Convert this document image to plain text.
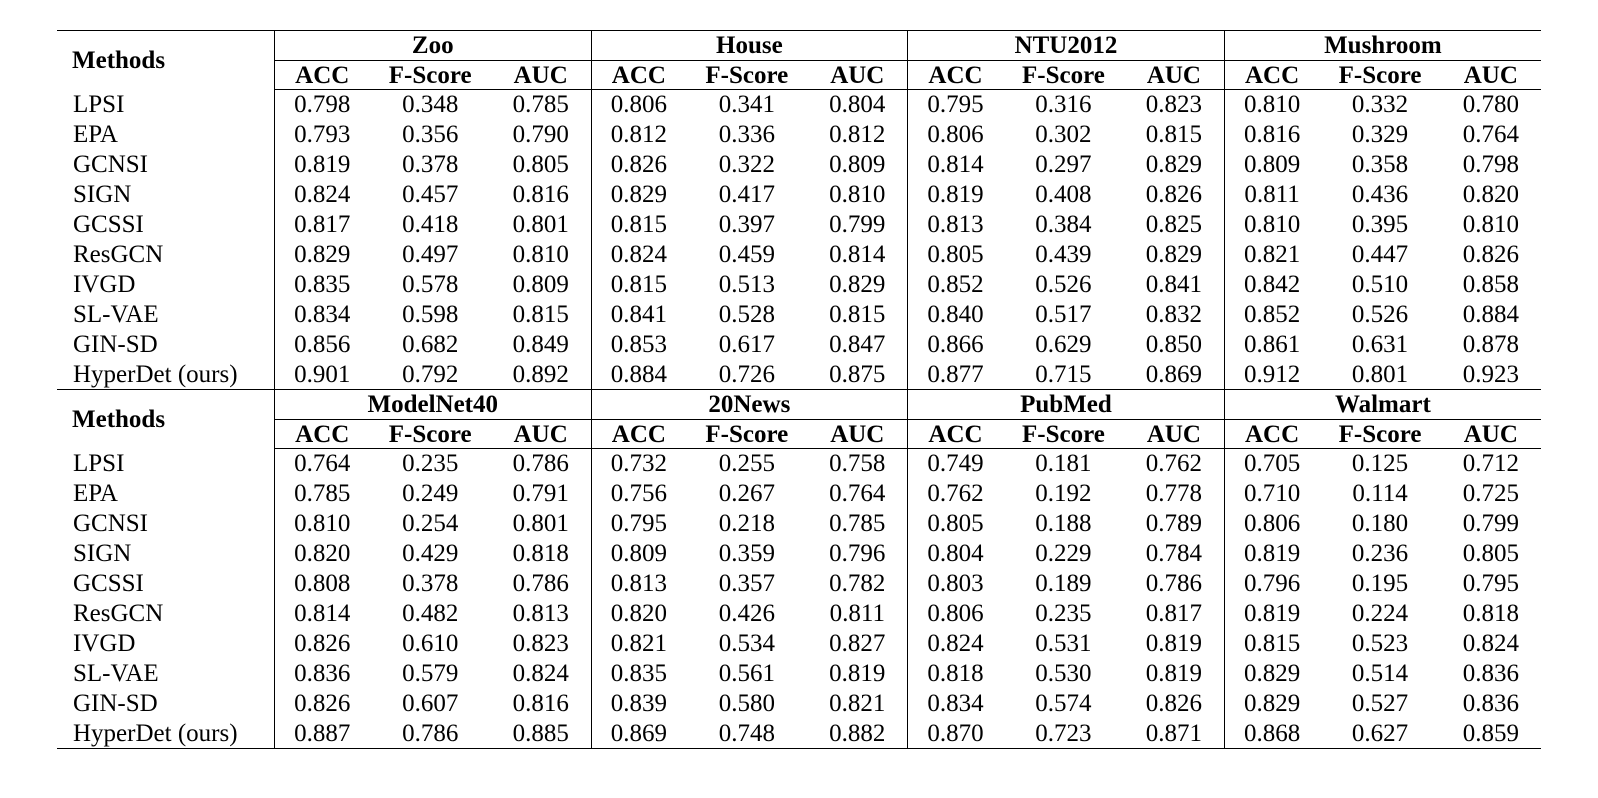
Methods	Zoo			House			NTU2012			Mushroom		
	ACC	F-Score	AUC	ACC	F-Score	AUC	ACC	F-Score	AUC	ACC	F-Score	AUC
LPSI	0.798	0.348	0.785	0.806	0.341	0.804	0.795	0.316	0.823	0.810	0.332	0.780
EPA	0.793	0.356	0.790	0.812	0.336	0.812	0.806	0.302	0.815	0.816	0.329	0.764
GCNSI	0.819	0.378	0.805	0.826	0.322	0.809	0.814	0.297	0.829	0.809	0.358	0.798
SIGN	0.824	0.457	0.816	0.829	0.417	0.810	0.819	0.408	0.826	0.811	0.436	0.820
GCSSI	0.817	0.418	0.801	0.815	0.397	0.799	0.813	0.384	0.825	0.810	0.395	0.810
ResGCN	0.829	0.497	0.810	0.824	0.459	0.814	0.805	0.439	0.829	0.821	0.447	0.826
IVGD	0.835	0.578	0.809	0.815	0.513	0.829	0.852	0.526	0.841	0.842	0.510	0.858
SL-VAE	0.834	0.598	0.815	0.841	0.528	0.815	0.840	0.517	0.832	0.852	0.526	0.884
GIN-SD	0.856	0.682	0.849	0.853	0.617	0.847	0.866	0.629	0.850	0.861	0.631	0.878
HyperDet (ours)	0.901	0.792	0.892	0.884	0.726	0.875	0.877	0.715	0.869	0.912	0.801	0.923
Methods	ModelNet40			20News			PubMed			Walmart		
	ACC	F-Score	AUC	ACC	F-Score	AUC	ACC	F-Score	AUC	ACC	F-Score	AUC
LPSI	0.764	0.235	0.786	0.732	0.255	0.758	0.749	0.181	0.762	0.705	0.125	0.712
EPA	0.785	0.249	0.791	0.756	0.267	0.764	0.762	0.192	0.778	0.710	0.114	0.725
GCNSI	0.810	0.254	0.801	0.795	0.218	0.785	0.805	0.188	0.789	0.806	0.180	0.799
SIGN	0.820	0.429	0.818	0.809	0.359	0.796	0.804	0.229	0.784	0.819	0.236	0.805
GCSSI	0.808	0.378	0.786	0.813	0.357	0.782	0.803	0.189	0.786	0.796	0.195	0.795
ResGCN	0.814	0.482	0.813	0.820	0.426	0.811	0.806	0.235	0.817	0.819	0.224	0.818
IVGD	0.826	0.610	0.823	0.821	0.534	0.827	0.824	0.531	0.819	0.815	0.523	0.824
SL-VAE	0.836	0.579	0.824	0.835	0.561	0.819	0.818	0.530	0.819	0.829	0.514	0.836
GIN-SD	0.826	0.607	0.816	0.839	0.580	0.821	0.834	0.574	0.826	0.829	0.527	0.836
HyperDet (ours)	0.887	0.786	0.885	0.869	0.748	0.882	0.870	0.723	0.871	0.868	0.627	0.859
